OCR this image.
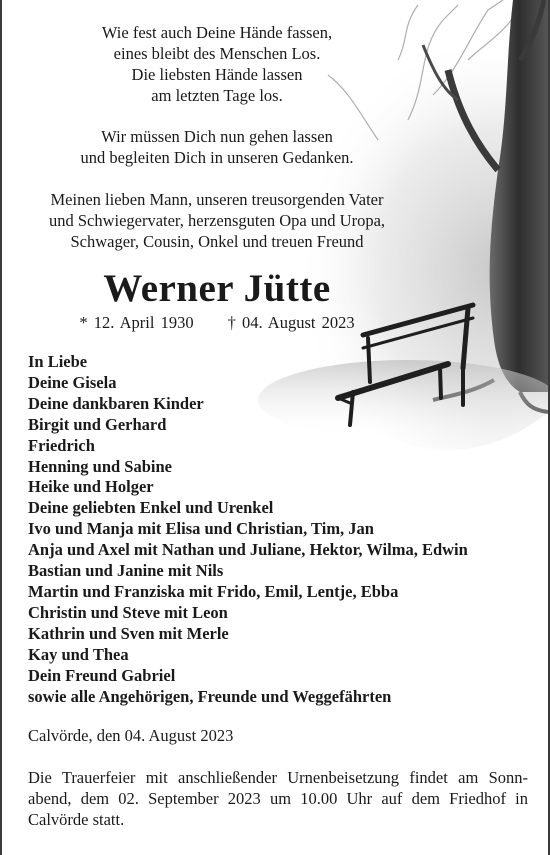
Wie fest auch Deine Hände fassen,
eines bleibt des Menschen Los.
Die liebsten Hände lassen
am letzten Tage los.
Wir müssen Dich nun gehen lassen
und begleiten Dich in unseren Gedanken.
Meinen lieben Mann, unseren treusorgenden Vater
und Schwiegervater, herzensguten Opa und Uropa,
Schwager, Cousin, Onkel und treuen Freund
Werner Jütte
* 12. April 1930 † 04. August 2023
In Liebe
Deine Gisela
Deine dankbaren Kinder
Birgit und Gerhard
Friedrich
Henning und Sabine
Heike und Holger
Deine geliebten Enkel und Urenkel
Ivo und Manja mit Elisa und Christian, Tim, Jan
Anja und Axel mit Nathan und Juliane, Hektor, Wilma, Edwin
Bastian und Janine mit Nils
Martin und Franziska mit Frido, Emil, Lentje, Ebba
Christin und Steve mit Leon
Kathrin und Sven mit Merle
Kay und Thea
Dein Freund Gabriel
sowie alle Angehörigen, Freunde und Weggefährten
Calvörde, den 04. August 2023
Die Trauerfeier mit anschließender Urnenbeisetzung findet am Sonn-
abend, dem 02. September 2023 um 10.00 Uhr auf dem Friedhof in
Calvörde statt.
